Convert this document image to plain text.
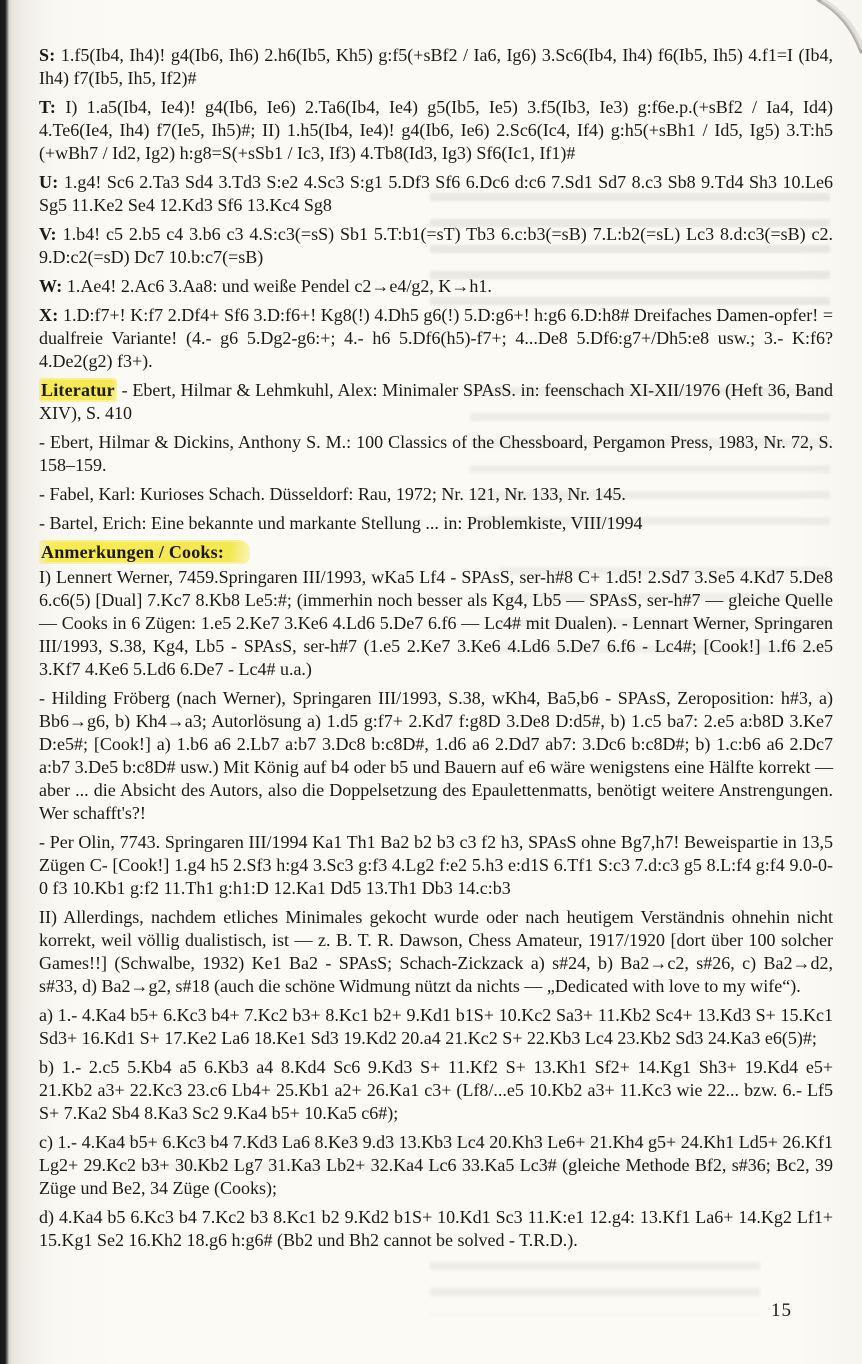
S: 1.f5(Ib4, Ih4)! g4(Ib6, Ih6) 2.h6(Ib5, Kh5) g:f5(+sBf2 / Ia6, Ig6) 3.Sc6(Ib4, Ih4) f6(Ib5, Ih5) 4.f1=I (Ib4, Ih4) f7(Ib5, Ih5, If2)#

T: I) 1.a5(Ib4, Ie4)! g4(Ib6, Ie6) 2.Ta6(Ib4, Ie4) g5(Ib5, Ie5) 3.f5(Ib3, Ie3) g:f6e.p.(+sBf2 / Ia4, Id4) 4.Te6(Ie4, Ih4) f7(Ie5, Ih5)#; II) 1.h5(Ib4, Ie4)! g4(Ib6, Ie6) 2.Sc6(Ic4, If4) g:h5(+sBh1 / Id5, Ig5) 3.T:h5 (+wBh7 / Id2, Ig2) h:g8=S(+sSb1 / Ic3, If3) 4.Tb8(Id3, Ig3) Sf6(Ic1, If1)#

U: 1.g4! Sc6 2.Ta3 Sd4 3.Td3 S:e2 4.Sc3 S:g1 5.Df3 Sf6 6.Dc6 d:c6 7.Sd1 Sd7 8.c3 Sb8 9.Td4 Sh3 10.Le6 Sg5 11.Ke2 Se4 12.Kd3 Sf6 13.Kc4 Sg8

V: 1.b4! c5 2.b5 c4 3.b6 c3 4.S:c3(=sS) Sb1 5.T:b1(=sT) Tb3 6.c:b3(=sB) 7.L:b2(=sL) Lc3 8.d:c3(=sB) c2. 9.D:c2(=sD) Dc7 10.b:c7(=sB)

W: 1.Ae4! 2.Ac6 3.Aa8: und weiße Pendel c2→e4/g2, K→h1.

X: 1.D:f7+! K:f7 2.Df4+ Sf6 3.D:f6+! Kg8(!) 4.Dh5 g6(!) 5.D:g6+! h:g6 6.D:h8# Dreifaches Damen-opfer! = dualfreie Variante! (4.- g6 5.Dg2-g6:+; 4.- h6 5.Df6(h5)-f7+; 4...De8 5.Df6:g7+/Dh5:e8 usw.; 3.- K:f6? 4.De2(g2) f3+).

Literatur - Ebert, Hilmar & Lehmkuhl, Alex: Minimaler SPAsS. in: feenschach XI-XII/1976 (Heft 36, Band XIV), S. 410

- Ebert, Hilmar & Dickins, Anthony S. M.: 100 Classics of the Chessboard, Pergamon Press, 1983, Nr. 72, S. 158–159.

- Fabel, Karl: Kurioses Schach. Düsseldorf: Rau, 1972; Nr. 121, Nr. 133, Nr. 145.

- Bartel, Erich: Eine bekannte und markante Stellung ... in: Problemkiste, VIII/1994

Anmerkungen / Cooks:

I) Lennert Werner, 7459.Springaren III/1993, wKa5 Lf4 - SPAsS, ser-h#8 C+ 1.d5! 2.Sd7 3.Se5 4.Kd7 5.De8 6.c6(5) [Dual] 7.Kc7 8.Kb8 Le5:#; (immerhin noch besser als Kg4, Lb5 — SPAsS, ser-h#7 — gleiche Quelle — Cooks in 6 Zügen: 1.e5 2.Ke7 3.Ke6 4.Ld6 5.De7 6.f6 — Lc4# mit Dualen). - Lennart Werner, Springaren III/1993, S.38, Kg4, Lb5 - SPAsS, ser-h#7 (1.e5 2.Ke7 3.Ke6 4.Ld6 5.De7 6.f6 - Lc4#; [Cook!] 1.f6 2.e5 3.Kf7 4.Ke6 5.Ld6 6.De7 - Lc4# u.a.)

- Hilding Fröberg (nach Werner), Springaren III/1993, S.38, wKh4, Ba5,b6 - SPAsS, Zeroposition: h#3, a) Bb6→g6, b) Kh4→a3; Autorlösung a) 1.d5 g:f7+ 2.Kd7 f:g8D 3.De8 D:d5#, b) 1.c5 ba7: 2.e5 a:b8D 3.Ke7 D:e5#; [Cook!] a) 1.b6 a6 2.Lb7 a:b7 3.Dc8 b:c8D#, 1.d6 a6 2.Dd7 ab7: 3.Dc6 b:c8D#; b) 1.c:b6 a6 2.Dc7 a:b7 3.De5 b:c8D# usw.) Mit König auf b4 oder b5 und Bauern auf e6 wäre wenigstens eine Hälfte korrekt — aber ... die Absicht des Autors, also die Doppelsetzung des Epaulettenmatts, benötigt weitere Anstrengungen. Wer schafft's?!

- Per Olin, 7743. Springaren III/1994 Ka1 Th1 Ba2 b2 b3 c3 f2 h3, SPAsS ohne Bg7,h7! Beweispartie in 13,5 Zügen C- [Cook!] 1.g4 h5 2.Sf3 h:g4 3.Sc3 g:f3 4.Lg2 f:e2 5.h3 e:d1S 6.Tf1 S:c3 7.d:c3 g5 8.L:f4 g:f4 9.0-0-0 f3 10.Kb1 g:f2 11.Th1 g:h1:D 12.Ka1 Dd5 13.Th1 Db3 14.c:b3

II) Allerdings, nachdem etliches Minimales gekocht wurde oder nach heutigem Verständnis ohnehin nicht korrekt, weil völlig dualistisch, ist — z. B. T. R. Dawson, Chess Amateur, 1917/1920 [dort über 100 solcher Games!!] (Schwalbe, 1932) Ke1 Ba2 - SPAsS; Schach-Zickzack a) s#24, b) Ba2→c2, s#26, c) Ba2→d2, s#33, d) Ba2→g2, s#18 (auch die schöne Widmung nützt da nichts — „Dedicated with love to my wife“).

a) 1.- 4.Ka4 b5+ 6.Kc3 b4+ 7.Kc2 b3+ 8.Kc1 b2+ 9.Kd1 b1S+ 10.Kc2 Sa3+ 11.Kb2 Sc4+ 13.Kd3 S+ 15.Kc1 Sd3+ 16.Kd1 S+ 17.Ke2 La6 18.Ke1 Sd3 19.Kd2 20.a4 21.Kc2 S+ 22.Kb3 Lc4 23.Kb2 Sd3 24.Ka3 e6(5)#;

b) 1.- 2.c5 5.Kb4 a5 6.Kb3 a4 8.Kd4 Sc6 9.Kd3 S+ 11.Kf2 S+ 13.Kh1 Sf2+ 14.Kg1 Sh3+ 19.Kd4 e5+ 21.Kb2 a3+ 22.Kc3 23.c6 Lb4+ 25.Kb1 a2+ 26.Ka1 c3+ (Lf8/...e5 10.Kb2 a3+ 11.Kc3 wie 22... bzw. 6.- Lf5 S+ 7.Ka2 Sb4 8.Ka3 Sc2 9.Ka4 b5+ 10.Ka5 c6#);

c) 1.- 4.Ka4 b5+ 6.Kc3 b4 7.Kd3 La6 8.Ke3 9.d3 13.Kb3 Lc4 20.Kh3 Le6+ 21.Kh4 g5+ 24.Kh1 Ld5+ 26.Kf1 Lg2+ 29.Kc2 b3+ 30.Kb2 Lg7 31.Ka3 Lb2+ 32.Ka4 Lc6 33.Ka5 Lc3# (gleiche Methode Bf2, s#36; Bc2, 39 Züge und Be2, 34 Züge (Cooks);

d) 4.Ka4 b5 6.Kc3 b4 7.Kc2 b3 8.Kc1 b2 9.Kd2 b1S+ 10.Kd1 Sc3 11.K:e1 12.g4: 13.Kf1 La6+ 14.Kg2 Lf1+ 15.Kg1 Se2 16.Kh2 18.g6 h:g6# (Bb2 und Bh2 cannot be solved - T.R.D.).

15
